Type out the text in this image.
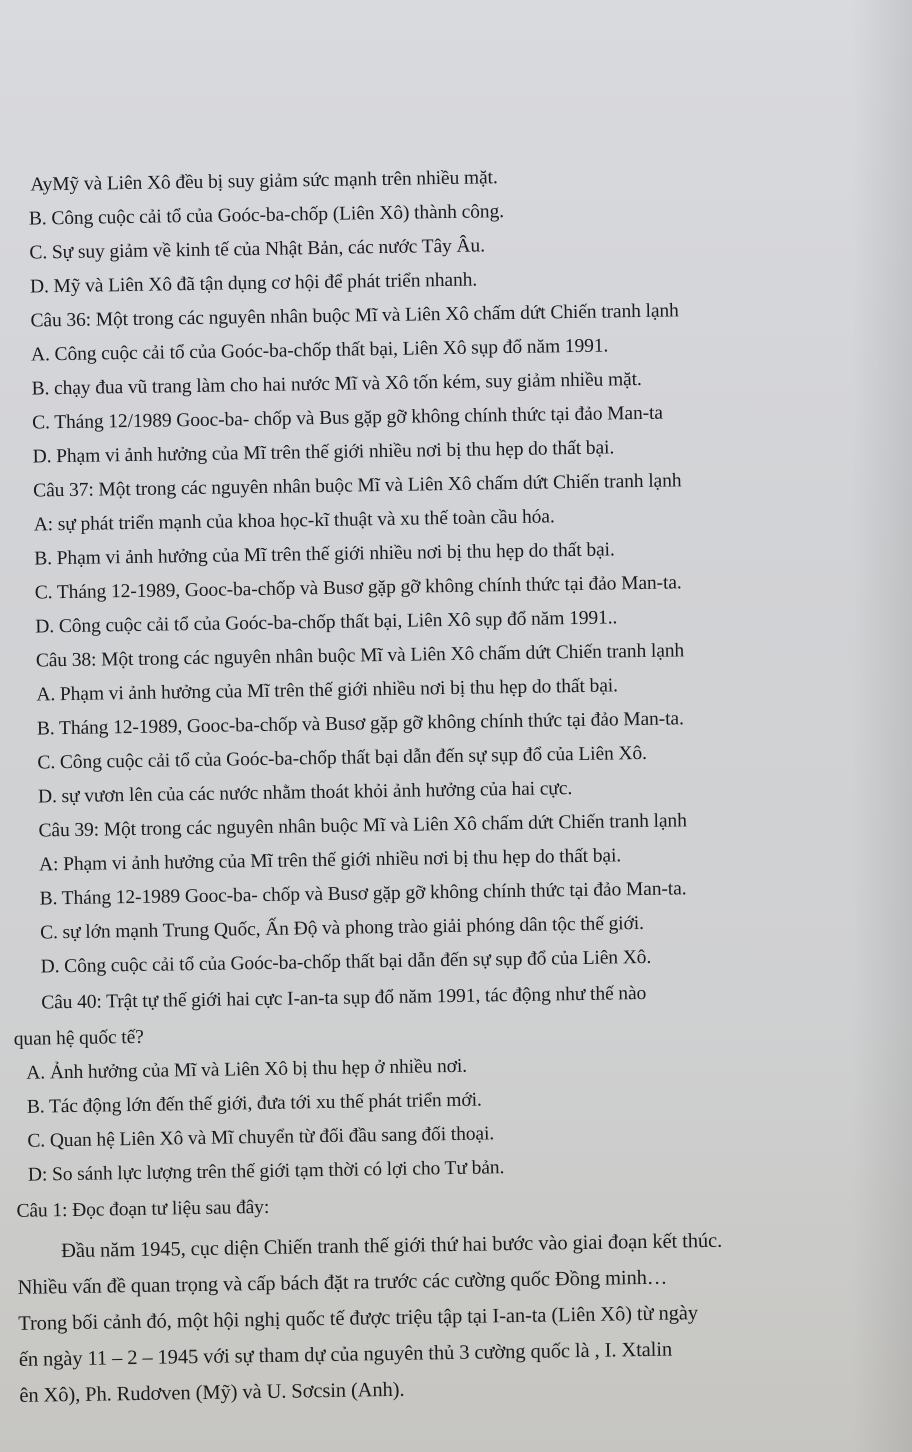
AyMỹ và Liên Xô đều bị suy giảm sức mạnh trên nhiều mặt.
B. Công cuộc cải tổ của Goóc-ba-chốp (Liên Xô) thành công.
C. Sự suy giảm về kinh tế của Nhật Bản, các nước Tây Âu.
D. Mỹ và Liên Xô đã tận dụng cơ hội để phát triển nhanh.
Câu 36: Một trong các nguyên nhân buộc Mĩ và Liên Xô chấm dứt Chiến tranh lạnh
A. Công cuộc cải tổ của Goóc-ba-chốp thất bại, Liên Xô sụp đổ năm 1991.
B. chạy đua vũ trang làm cho hai nước Mĩ và Xô tốn kém, suy giảm nhiều mặt.
C. Tháng 12/1989 Gooc-ba- chốp và Bus gặp gỡ không chính thức tại đảo Man-ta
D. Phạm vi ảnh hưởng của Mĩ trên thế giới nhiều nơi bị thu hẹp do thất bại.
Câu 37: Một trong các nguyên nhân buộc Mĩ và Liên Xô chấm dứt Chiến tranh lạnh
A: sự phát triển mạnh của khoa học-kĩ thuật và xu thế toàn cầu hóa.
B. Phạm vi ảnh hưởng của Mĩ trên thế giới nhiều nơi bị thu hẹp do thất bại.
C. Tháng 12-1989, Gooc-ba-chốp và Busơ gặp gỡ không chính thức tại đảo Man-ta.
D. Công cuộc cải tổ của Goóc-ba-chốp thất bại, Liên Xô sụp đổ năm 1991..
Câu 38: Một trong các nguyên nhân buộc Mĩ và Liên Xô chấm dứt Chiến tranh lạnh
A. Phạm vi ảnh hưởng của Mĩ trên thế giới nhiều nơi bị thu hẹp do thất bại.
B. Tháng 12-1989, Gooc-ba-chốp và Busơ gặp gỡ không chính thức tại đảo Man-ta.
C. Công cuộc cải tổ của Goóc-ba-chốp thất bại dẫn đến sự sụp đổ của Liên Xô.
D. sự vươn lên của các nước nhằm thoát khỏi ảnh hưởng của hai cực.
Câu 39: Một trong các nguyên nhân buộc Mĩ và Liên Xô chấm dứt Chiến tranh lạnh
A: Phạm vi ảnh hưởng của Mĩ trên thế giới nhiều nơi bị thu hẹp do thất bại.
B. Tháng 12-1989 Gooc-ba- chốp và Busơ gặp gỡ không chính thức tại đảo Man-ta.
C. sự lớn mạnh Trung Quốc, Ấn Độ và phong trào giải phóng dân tộc thế giới.
D. Công cuộc cải tổ của Goóc-ba-chốp thất bại dẫn đến sự sụp đổ của Liên Xô.
Câu 40: Trật tự thế giới hai cực I-an-ta sụp đổ năm 1991, tác động như thế nào
quan hệ quốc tế?
A. Ảnh hưởng của Mĩ và Liên Xô bị thu hẹp ở nhiều nơi.
B. Tác động lớn đến thế giới, đưa tới xu thế phát triển mới.
C. Quan hệ Liên Xô và Mĩ chuyển từ đối đầu sang đối thoại.
D: So sánh lực lượng trên thế giới tạm thời có lợi cho Tư bản.
Câu 1: Đọc đoạn tư liệu sau đây:
Đầu năm 1945, cục diện Chiến tranh thế giới thứ hai bước vào giai đoạn kết thúc.
Nhiều vấn đề quan trọng và cấp bách đặt ra trước các cường quốc Đồng minh…
Trong bối cảnh đó, một hội nghị quốc tế được triệu tập tại I-an-ta (Liên Xô) từ ngày
ến ngày 11 – 2 – 1945 với sự tham dự của nguyên thủ 3 cường quốc là , I. Xtalin
ên Xô), Ph. Rudơven (Mỹ) và U. Sơcsin (Anh).
